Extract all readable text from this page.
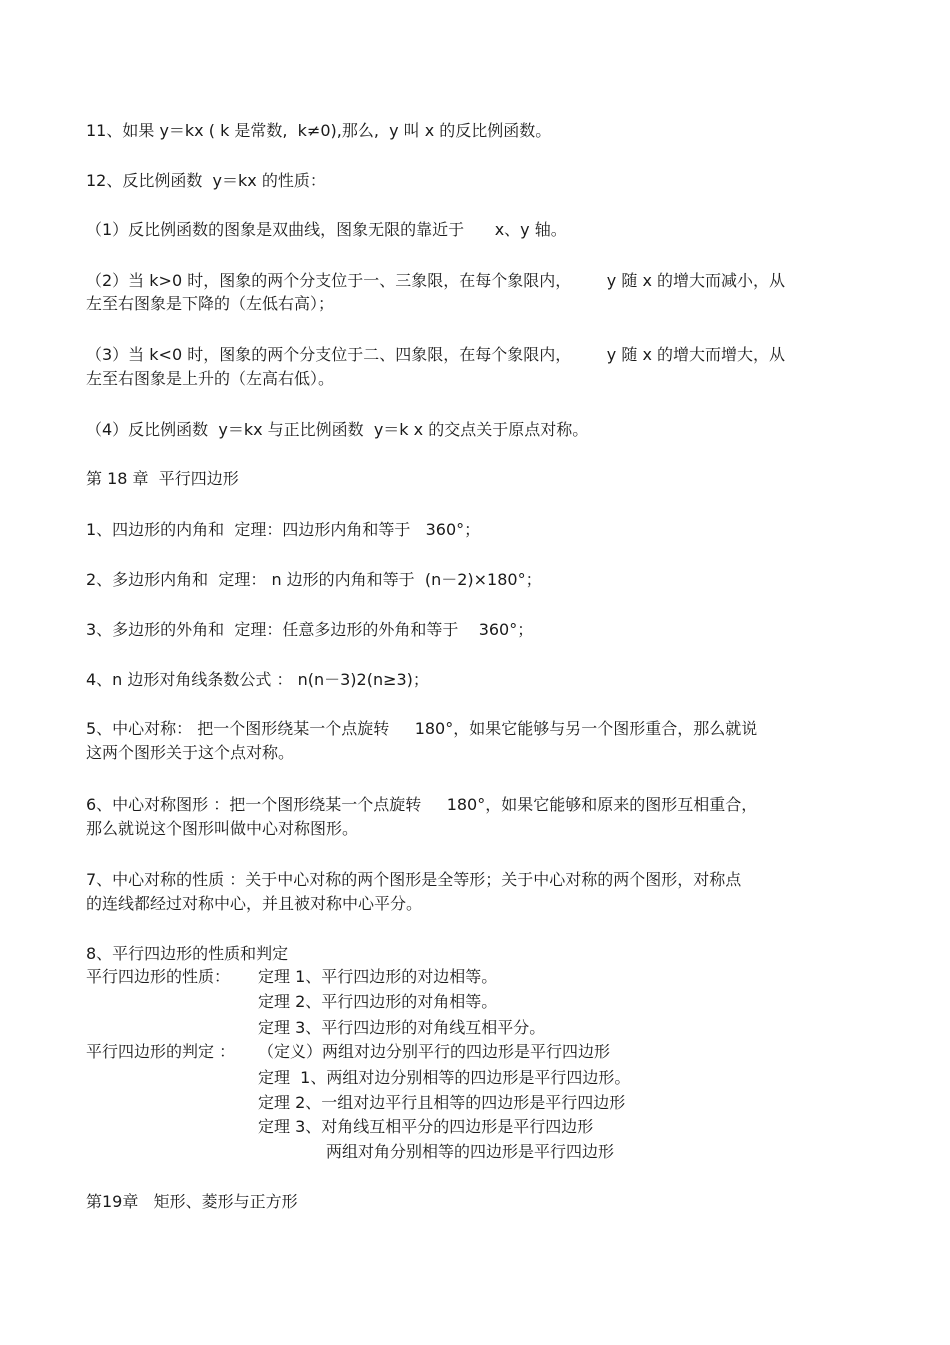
11、如果 y＝kx ( k 是常数,  k≠0),那么,  y 叫 x 的反比例函数。
12、反比例函数  y＝kx 的性质：
（1）反比例函数的图象是双曲线，图象无限的靠近于      x、y 轴。
（2）当 k>0 时，图象的两个分支位于一、三象限，在每个象限内，       y 随 x 的增大而减小，从
左至右图象是下降的（左低右高）；
（3）当 k<0 时，图象的两个分支位于二、四象限，在每个象限内，       y 随 x 的增大而增大，从
左至右图象是上升的（左高右低）。
（4）反比例函数  y＝kx 与正比例函数  y＝k x 的交点关于原点对称。
第 18 章  平行四边形
1、四边形的内角和  定理：四边形内角和等于   360°；
2、多边形内角和  定理： n 边形的内角和等于  (n－2)×180°；
3、多边形的外角和  定理：任意多边形的外角和等于    360°；
4、n 边形对角线条数公式 ： n(n－3)2(n≥3)；
5、中心对称： 把一个图形绕某一个点旋转     180°，如果它能够与另一个图形重合，那么就说
这两个图形关于这个点对称。
6、中心对称图形 ：把一个图形绕某一个点旋转     180°，如果它能够和原来的图形互相重合，
那么就说这个图形叫做中心对称图形。
7、中心对称的性质 ：关于中心对称的两个图形是全等形；关于中心对称的两个图形，对称点
的连线都经过对称中心，并且被对称中心平分。
8、平行四边形的性质和判定
平行四边形的性质： 定理 1、平行四边形的对边相等。
定理 2、平行四边形的对角相等。
定理 3、平行四边形的对角线互相平分。
平行四边形的判定 ： （定义）两组对边分别平行的四边形是平行四边形
定理  1、两组对边分别相等的四边形是平行四边形。
定理 2、一组对边平行且相等的四边形是平行四边形
定理 3、对角线互相平分的四边形是平行四边形
两组对角分别相等的四边形是平行四边形
第19章   矩形、菱形与正方形
